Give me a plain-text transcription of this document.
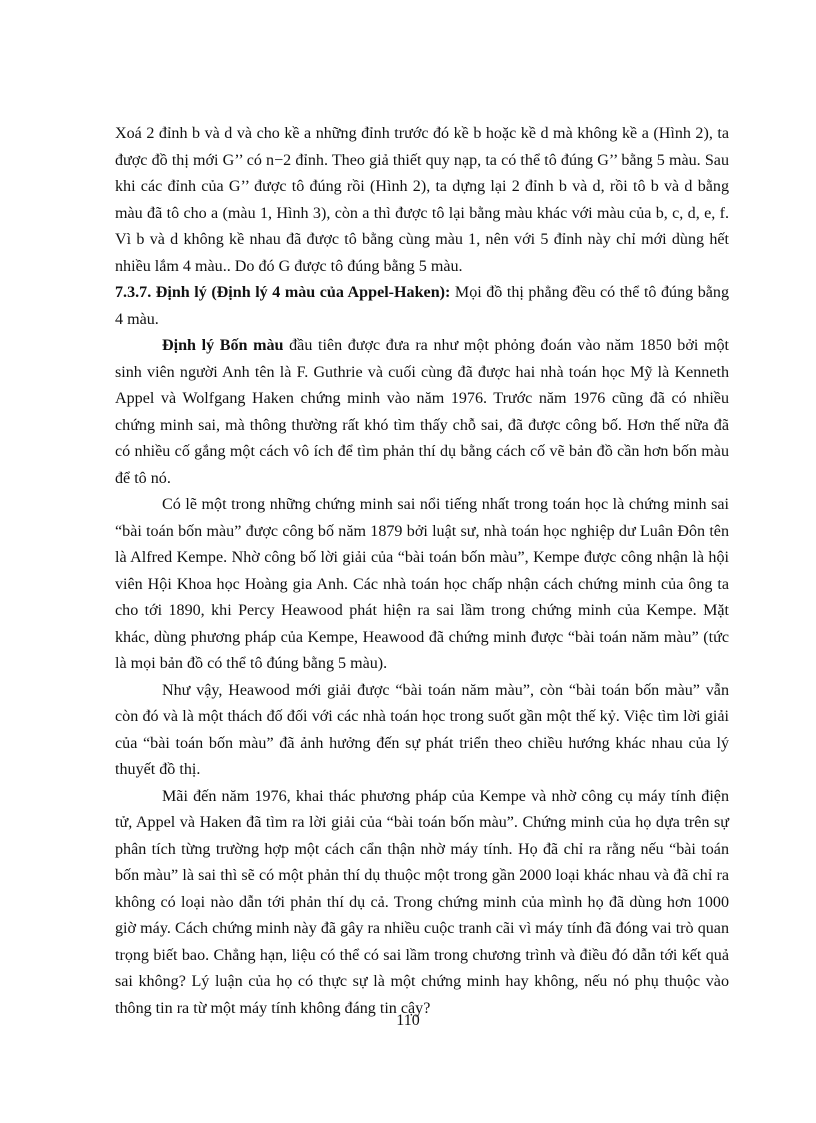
Xoá 2 đỉnh b và d và cho kề a những đỉnh trước đó kề b hoặc kề d mà không kề a (Hình 2), ta được đồ thị mới G’’ có n−2 đỉnh. Theo giả thiết quy nạp, ta có thể tô đúng G’’ bằng 5 màu. Sau khi các đỉnh của G’’ được tô đúng rồi (Hình 2), ta dựng lại 2 đỉnh b và d, rồi tô b và d bằng màu đã tô cho a (màu 1, Hình 3), còn a thì được tô lại bằng màu khác với màu của b, c, d, e, f. Vì b và d không kề nhau đã được tô bằng cùng màu 1, nên với 5 đỉnh này chỉ mới dùng hết nhiều lắm 4 màu.. Do đó G được tô đúng bằng 5 màu.

7.3.7. Định lý (Định lý 4 màu của Appel-Haken): Mọi đồ thị phẳng đều có thể tô đúng bằng 4 màu.

Định lý Bốn màu đầu tiên được đưa ra như một phỏng đoán vào năm 1850 bởi một sinh viên người Anh tên là F. Guthrie và cuối cùng đã được hai nhà toán học Mỹ là Kenneth Appel và Wolfgang Haken chứng minh vào năm 1976. Trước năm 1976 cũng đã có nhiều chứng minh sai, mà thông thường rất khó tìm thấy chỗ sai, đã được công bố. Hơn thế nữa đã có nhiều cố gắng một cách vô ích để tìm phản thí dụ bằng cách cố vẽ bản đồ cần hơn bốn màu để tô nó.

Có lẽ một trong những chứng minh sai nổi tiếng nhất trong toán học là chứng minh sai “bài toán bốn màu” được công bố năm 1879 bởi luật sư, nhà toán học nghiệp dư Luân Đôn tên là Alfred Kempe. Nhờ công bố lời giải của “bài toán bốn màu”, Kempe được công nhận là hội viên Hội Khoa học Hoàng gia Anh. Các nhà toán học chấp nhận cách chứng minh của ông ta cho tới 1890, khi Percy Heawood phát hiện ra sai lầm trong chứng minh của Kempe. Mặt khác, dùng phương pháp của Kempe, Heawood đã chứng minh được “bài toán năm màu” (tức là mọi bản đồ có thể tô đúng bằng 5 màu).

Như vậy, Heawood mới giải được “bài toán năm màu”, còn “bài toán bốn màu” vẫn còn đó và là một thách đố đối với các nhà toán học trong suốt gần một thế kỷ. Việc tìm lời giải của “bài toán bốn màu” đã ảnh hưởng đến sự phát triển theo chiều hướng khác nhau của lý thuyết đồ thị.

Mãi đến năm 1976, khai thác phương pháp của Kempe và nhờ công cụ máy tính điện tử, Appel và Haken đã tìm ra lời giải của “bài toán bốn màu”. Chứng minh của họ dựa trên sự phân tích từng trường hợp một cách cẩn thận nhờ máy tính. Họ đã chỉ ra rằng nếu “bài toán bốn màu” là sai thì sẽ có một phản thí dụ thuộc một trong gần 2000 loại khác nhau và đã chỉ ra không có loại nào dẫn tới phản thí dụ cả. Trong chứng minh của mình họ đã dùng hơn 1000 giờ máy. Cách chứng minh này đã gây ra nhiều cuộc tranh cãi vì máy tính đã đóng vai trò quan trọng biết bao. Chẳng hạn, liệu có thể có sai lầm trong chương trình và điều đó dẫn tới kết quả sai không? Lý luận của họ có thực sự là một chứng minh hay không, nếu nó phụ thuộc vào thông tin ra từ một máy tính không đáng tin cậy?

110
